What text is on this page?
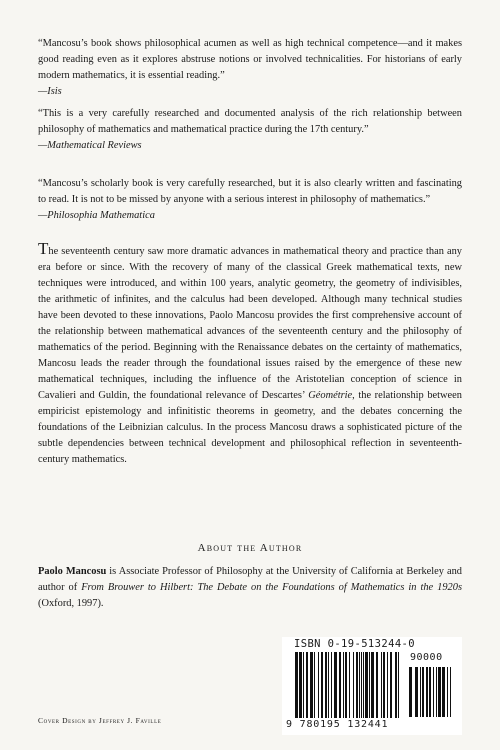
“Mancosu’s book shows philosophical acumen as well as high technical competence—and it makes good reading even as it explores abstruse notions or involved technicalities. For historians of early modern mathematics, it is essential reading.”
—Isis
“This is a very carefully researched and documented analysis of the rich relationship between philosophy of mathematics and mathematical practice during the 17th century.”
—Mathematical Reviews
“Mancosu’s scholarly book is very carefully researched, but it is also clearly written and fascinating to read. It is not to be missed by anyone with a serious interest in philosophy of mathematics.”
—Philosophia Mathematica
The seventeenth century saw more dramatic advances in mathematical theory and practice than any era before or since. With the recovery of many of the classical Greek mathematical texts, new techniques were introduced, and within 100 years, analytic geometry, the geometry of indivisibles, the arithmetic of infinites, and the calculus had been developed. Although many technical studies have been devoted to these innovations, Paolo Mancosu provides the first comprehensive account of the relationship between mathematical advances of the seventeenth century and the philosophy of mathematics of the period. Beginning with the Renaissance debates on the certainty of mathematics, Mancosu leads the reader through the foundational issues raised by the emergence of these new mathematical techniques, including the influence of the Aristotelian conception of science in Cavalieri and Guldin, the foundational relevance of Descartes’ Géométrie, the relationship between empiricist epistemology and infinitistic theorems in geometry, and the debates concerning the foundations of the Leibnizian calculus. In the process Mancosu draws a sophisticated picture of the subtle dependencies between technical development and philosophical reflection in seventeenth-century mathematics.
About the Author
Paolo Mancosu is Associate Professor of Philosophy at the University of California at Berkeley and author of From Brouwer to Hilbert: The Debate on the Foundations of Mathematics in the 1920s (Oxford, 1997).
Cover Design by Jeffrey J. Faville
ISBN 0-19-513244-0
90000
9 780195 132441
